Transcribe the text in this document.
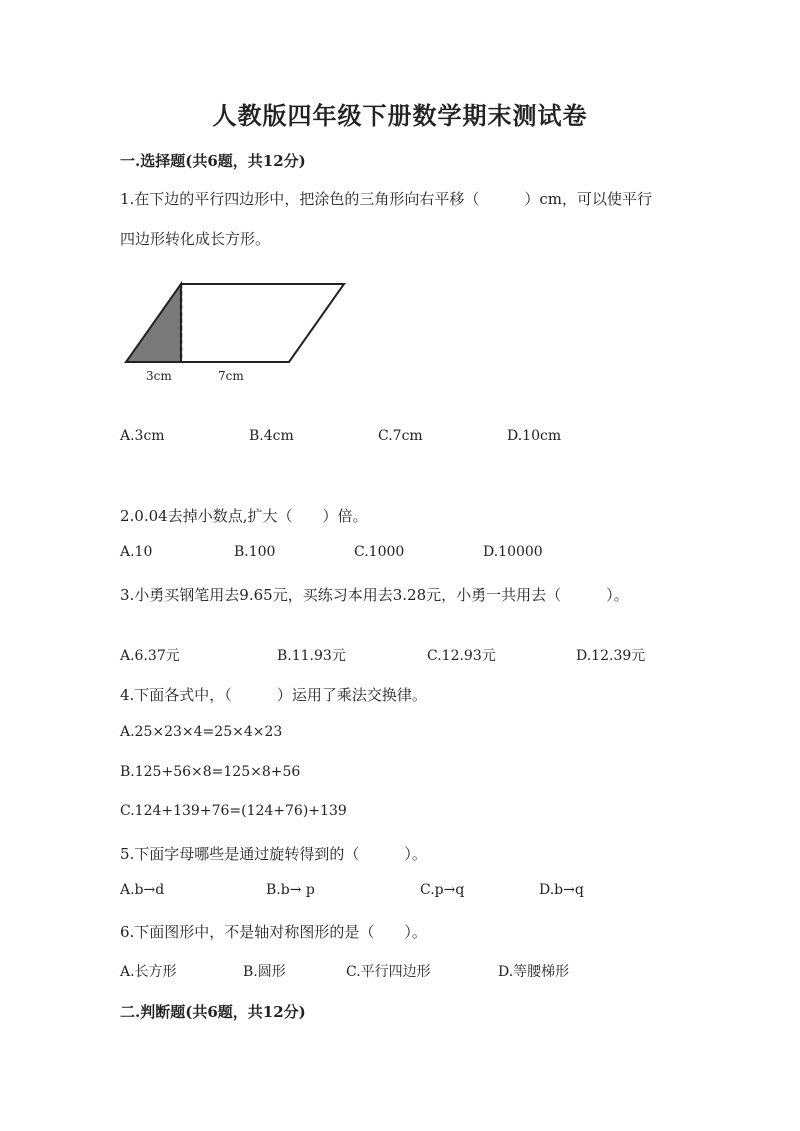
人教版四年级下册数学期末测试卷
一.选择题(共6题，共12分)
1.在下边的平行四边形中，把涂色的三角形向右平移（　　　）cm，可以使平行
四边形转化成长方形。
3cm	7cm
A.3cm	B.4cm	C.7cm	D.10cm
2.0.04去掉小数点,扩大（　　）倍。
A.10	B.100	C.1000	D.10000
3.小勇买钢笔用去9.65元，买练习本用去3.28元，小勇一共用去（　　　）。
A.6.37元	B.11.93元	C.12.93元	D.12.39元
4.下面各式中，（　　　）运用了乘法交换律。
A.25×23×4=25×4×23
B.125+56×8=125×8+56
C.124+139+76=(124+76)+139
5.下面字母哪些是通过旋转得到的（　　　）。
A.b→d	B.b→ p	C.p→q	D.b→q
6.下面图形中，不是轴对称图形的是（　　）。
A.长方形	B.圆形	C.平行四边形	D.等腰梯形
二.判断题(共6题，共12分)
